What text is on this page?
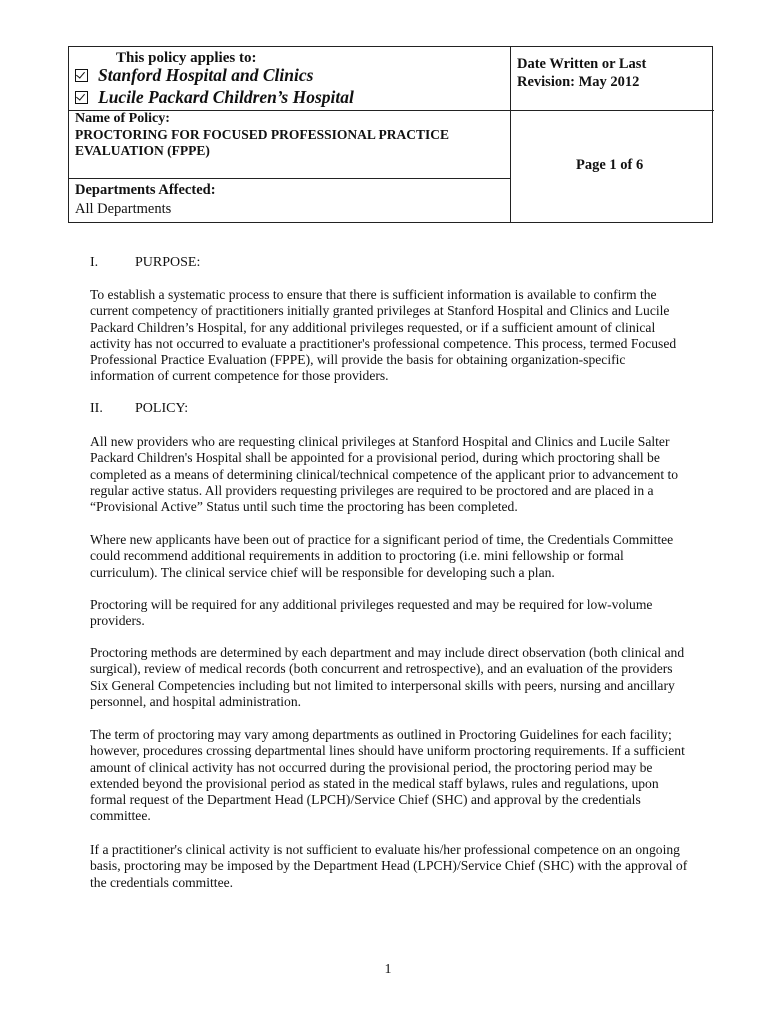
This policy applies to:
Stanford Hospital and Clinics
Lucile Packard Children’s Hospital
Date Written or Last
Revision: May 2012
Name of Policy:
PROCTORING FOR FOCUSED PROFESSIONAL PRACTICE EVALUATION (FPPE)
Page 1 of 6
Departments Affected:
All Departments
I.	PURPOSE:
To establish a systematic process to ensure that there is sufficient information is available to confirm the current competency of practitioners initially granted privileges at Stanford Hospital and Clinics and Lucile Packard Children’s Hospital, for any additional privileges requested, or if a sufficient amount of clinical activity has not occurred to evaluate a practitioner's professional competence. This process, termed Focused Professional Practice Evaluation (FPPE), will provide the basis for obtaining organization-specific information of current competence for those providers.
II. POLICY:
All new providers who are requesting clinical privileges at Stanford Hospital and Clinics and Lucile Salter Packard Children's Hospital shall be appointed for a provisional period, during which proctoring shall be completed as a means of determining clinical/technical competence of the applicant prior to advancement to regular active status. All providers requesting privileges are required to be proctored and are placed in a “Provisional Active” Status until such time the proctoring has been completed.
Where new applicants have been out of practice for a significant period of time, the Credentials Committee could recommend additional requirements in addition to proctoring (i.e. mini fellowship or formal curriculum). The clinical service chief will be responsible for developing such a plan.
Proctoring will be required for any additional privileges requested and may be required for low-volume providers.
Proctoring methods are determined by each department and may include direct observation (both clinical and surgical), review of medical records (both concurrent and retrospective), and an evaluation of the providers Six General Competencies including but not limited to interpersonal skills with peers, nursing and ancillary personnel, and hospital administration.
The term of proctoring may vary among departments as outlined in Proctoring Guidelines for each facility; however, procedures crossing departmental lines should have uniform proctoring requirements. If a sufficient amount of clinical activity has not occurred during the provisional period, the proctoring period may be extended beyond the provisional period as stated in the medical staff bylaws, rules and regulations, upon formal request of the Department Head (LPCH)/Service Chief (SHC) and approval by the credentials committee.
If a practitioner's clinical activity is not sufficient to evaluate his/her professional competence on an ongoing basis, proctoring may be imposed by the Department Head (LPCH)/Service Chief (SHC) with the approval of the credentials committee.
1
